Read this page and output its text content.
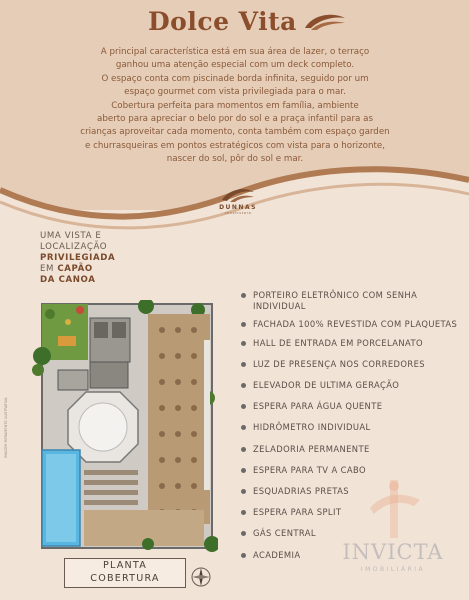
Dolce Vita

A principal característica está em sua área de lazer, o terraço

ganhou uma atenção especial com um deck completo.

O espaço conta com piscinade borda infinita, seguido por um

espaço gourmet com vista privilegiada para o mar.

Cobertura perfeita para momentos em família, ambiente

aberto para apreciar o belo por do sol e a praça infantil para as

crianças aproveitar cada momento, conta também com espaço garden

e churrasqueiras em pontos estratégicos com vista para o horizonte,

nascer do sol, pôr do sol e mar.

DUNNAS
construtora
UMA VISTA E
LOCALIZAÇÃO
PRIVILEGIADA
EM CAPÃO
DA CANOA
PORTEIRO ELETRÔNICO COM SENHA INDIVIDUAL
FACHADA 100% REVESTIDA COM PLAQUETAS
HALL DE ENTRADA EM PORCELANATO
LUZ DE PRESENÇA NOS CORREDORES
ELEVADOR DE ULTIMA GERAÇÃO
ESPERA PARA ÁGUA QUENTE
HIDRÔMETRO INDIVIDUAL
ZELADORIA PERMANENTE
ESPERA PARA TV A CABO
ESQUADRIAS PRETAS
ESPERA PARA SPLIT
GÁS CENTRAL
ACADEMIA
IMAGEM MERAMENTE ILUSTRATIVA
PLANTA
COBERTURA
INVICTA
IMOBILIÁRIA
